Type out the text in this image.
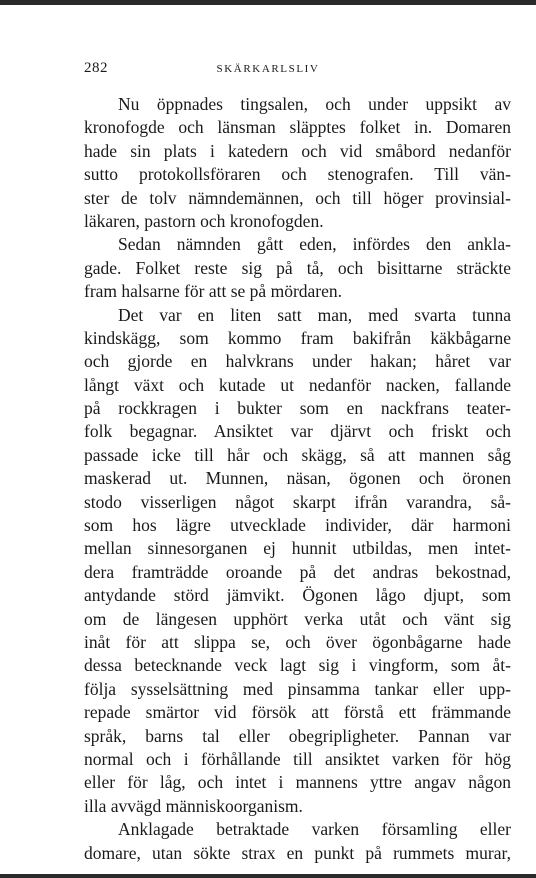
282	SKÄRKARLSLIV
Nu öppnades tingsalen, och under uppsikt av
kronofogde och länsman släpptes folket in. Domaren
hade sin plats i katedern och vid småbord nedanför
sutto protokollsföraren och stenografen. Till vän-
ster de tolv nämndemännen, och till höger provinsial-
läkaren, pastorn och kronofogden.
Sedan nämnden gått eden, infördes den ankla-
gade. Folket reste sig på tå, och bisittarne sträckte
fram halsarne för att se på mördaren.
Det var en liten satt man, med svarta tunna
kindskägg, som kommo fram bakifrån käkbågarne
och gjorde en halvkrans under hakan; håret var
långt växt och kutade ut nedanför nacken, fallande
på rockkragen i bukter som en nackfrans teater-
folk begagnar. Ansiktet var djärvt och friskt och
passade icke till hår och skägg, så att mannen såg
maskerad ut. Munnen, näsan, ögonen och öronen
stodo visserligen något skarpt ifrån varandra, så-
som hos lägre utvecklade individer, där harmoni
mellan sinnesorganen ej hunnit utbildas, men intet-
dera framträdde oroande på det andras bekostnad,
antydande störd jämvikt. Ögonen lågo djupt, som
om de längesen upphört verka utåt och vänt sig
inåt för att slippa se, och över ögonbågarne hade
dessa betecknande veck lagt sig i vingform, som åt-
följa sysselsättning med pinsamma tankar eller upp-
repade smärtor vid försök att förstå ett främmande
språk, barns tal eller obegripligheter. Pannan var
normal och i förhållande till ansiktet varken för hög
eller för låg, och intet i mannens yttre angav någon
illa avvägd människoorganism.
Anklagade betraktade varken församling eller
domare, utan sökte strax en punkt på rummets murar,
